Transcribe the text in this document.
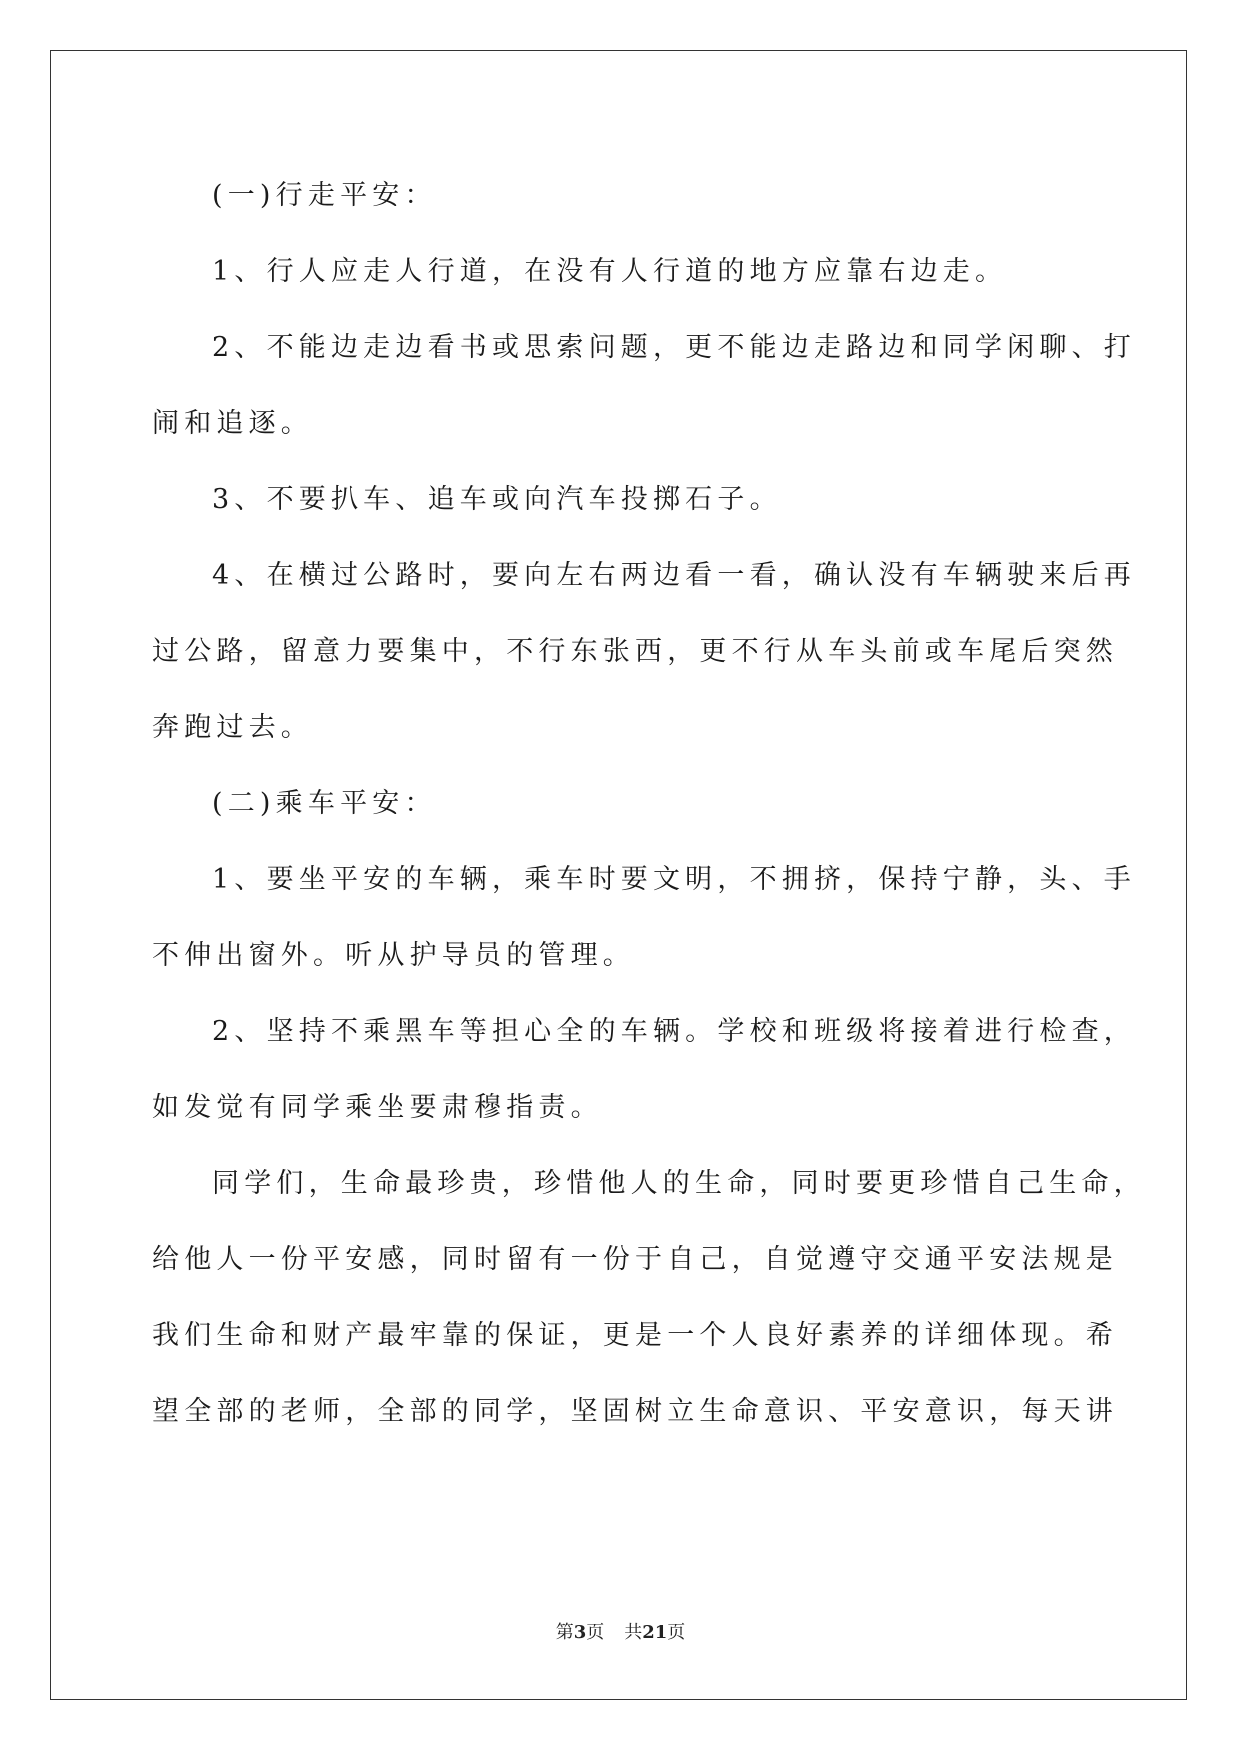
(一)行走平安：
1、行人应走人行道，在没有人行道的地方应靠右边走。
2、不能边走边看书或思索问题，更不能边走路边和同学闲聊、打
闹和追逐。
3、不要扒车、追车或向汽车投掷石子。
4、在横过公路时，要向左右两边看一看，确认没有车辆驶来后再
过公路，留意力要集中，不行东张西，更不行从车头前或车尾后突然
奔跑过去。
(二)乘车平安：
1、要坐平安的车辆，乘车时要文明，不拥挤，保持宁静，头、手
不伸出窗外。听从护导员的管理。
2、坚持不乘黑车等担心全的车辆。学校和班级将接着进行检查，
如发觉有同学乘坐要肃穆指责。
同学们，生命最珍贵，珍惜他人的生命，同时要更珍惜自己生命，
给他人一份平安感，同时留有一份于自己，自觉遵守交通平安法规是
我们生命和财产最牢靠的保证，更是一个人良好素养的详细体现。希
望全部的老师，全部的同学，坚固树立生命意识、平安意识，每天讲
第3页 共21页
